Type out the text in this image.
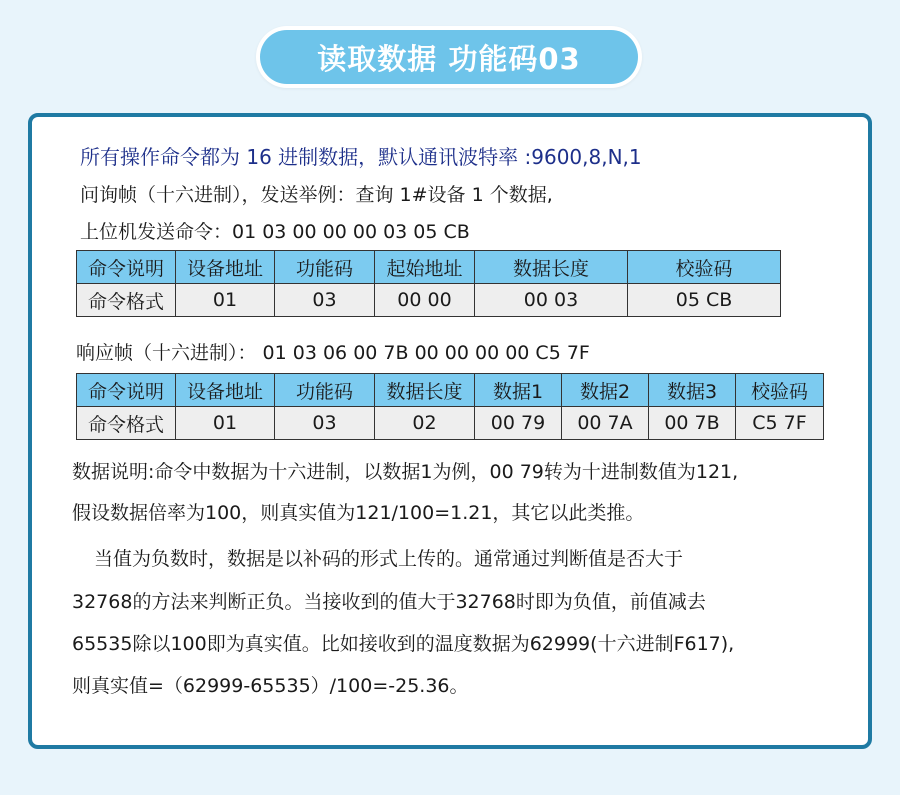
读取数据 功能码03
所有操作命令都为 16 进制数据，默认通讯波特率 :9600,8,N,1
问询帧（十六进制），发送举例：查询 1#设备 1 个数据,
上位机发送命令：01 03 00 00 00 03 05 CB
命令说明	设备地址	功能码	起始地址	数据长度	校验码
命令格式	01	03	00 00	00 03	05 CB
响应帧（十六进制）： 01 03 06 00 7B 00 00 00 00 C5 7F
命令说明	设备地址	功能码	数据长度	数据1	数据2	数据3	校验码
命令格式	01	03	02	00 79	00 7A	00 7B	C5 7F
数据说明:命令中数据为十六进制，以数据1为例，00 79转为十进制数值为121,
假设数据倍率为100，则真实值为121/100=1.21，其它以此类推。
当值为负数时，数据是以补码的形式上传的。通常通过判断值是否大于
32768的方法来判断正负。当接收到的值大于32768时即为负值，前值减去
65535除以100即为真实值。比如接收到的温度数据为62999(十六进制F617),
则真实值=（62999-65535）/100=-25.36。
